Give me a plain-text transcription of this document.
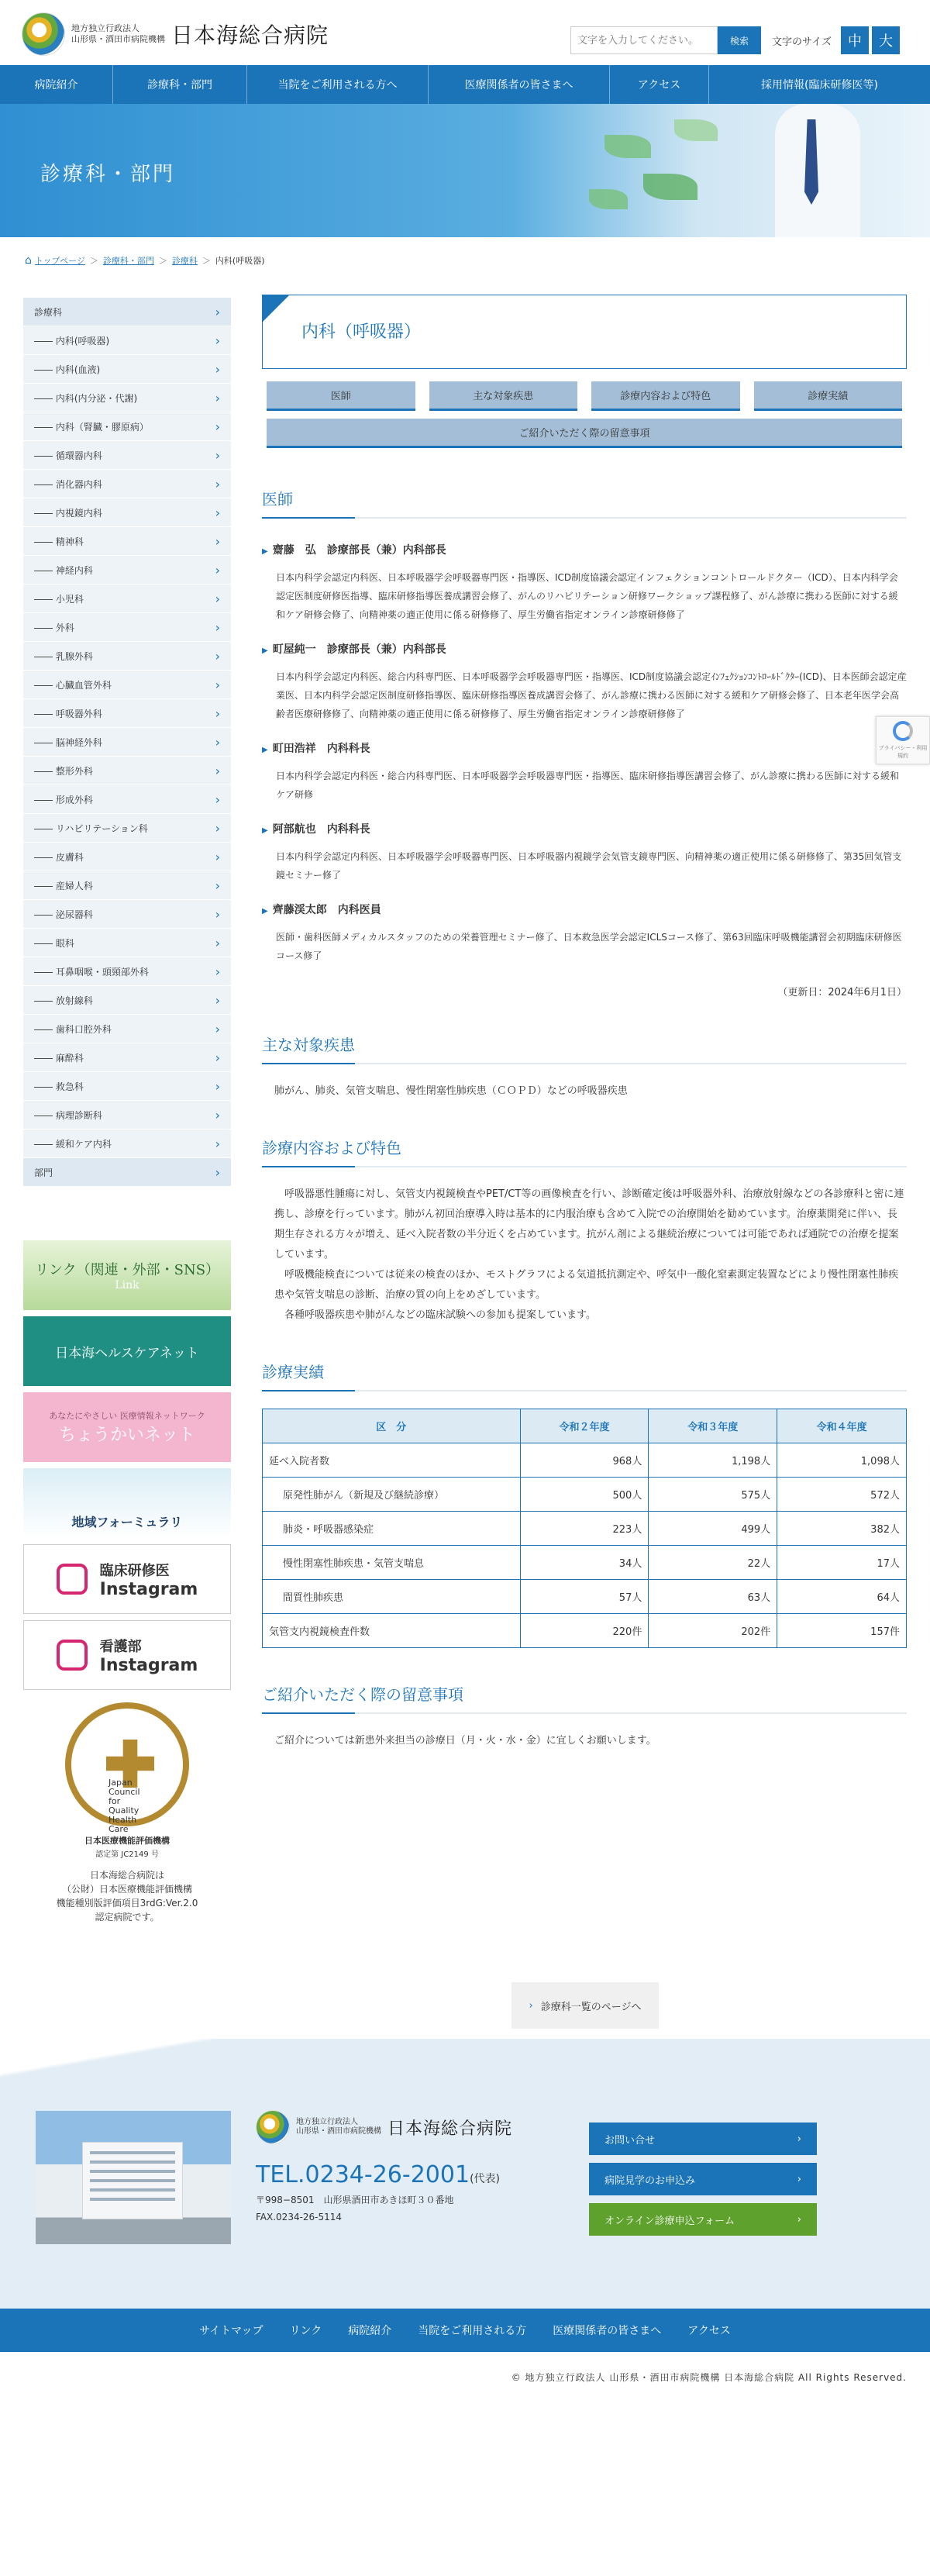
地方独立行政法人
山形県・酒田市病院機構 日本海総合病院
文字を入力してください。	検索	文字のサイズ	中	大
病院紹介	診療科・部門	当院をご利用される方へ	医療関係者の皆さまへ	アクセス	採用情報(臨床研修医等)
診療科・部門
⌂ トップページ ＞ 診療科・部門 ＞ 診療科 ＞ 内科(呼吸器)
診療科	›
―― 内科(呼吸器)	›
―― 内科(血液)	›
―― 内科(内分泌・代謝)	›
―― 内科（腎臓・膠原病）	›
―― 循環器内科	›
―― 消化器内科	›
―― 内視鏡内科	›
―― 精神科	›
―― 神経内科	›
―― 小児科	›
―― 外科	›
―― 乳腺外科	›
―― 心臓血管外科	›
―― 呼吸器外科	›
―― 脳神経外科	›
―― 整形外科	›
―― 形成外科	›
―― リハビリテーション科	›
―― 皮膚科	›
―― 産婦人科	›
―― 泌尿器科	›
―― 眼科	›
―― 耳鼻咽喉・頭頸部外科	›
―― 放射線科	›
―― 歯科口腔外科	›
―― 麻酔科	›
―― 救急科	›
―― 病理診断科	›
―― 緩和ケア内科	›
部門	›
リンク（関連・外部・SNS）
Link
日本海ヘルスケアネット
あなたにやさしい 医療情報ネットワーク
ちょうかいネット
地域フォーミュラリ
臨床研修医
Instagram
看護部
Instagram
Japan
Council
for
Quality
Health
Care
日本医療機能評価機構
認定第 JC2149 号
日本海総合病院は
（公財）日本医療機能評価機構
機能種別版評価項目3rdG:Ver.2.0
認定病院です。
内科（呼吸器）
医師	主な対象疾患	診療内容および特色	診療実績
ご紹介いただく際の留意事項
医師
▶ 齋藤　弘　診療部長（兼）内科部長

日本内科学会認定内科医、日本呼吸器学会呼吸器専門医・指導医、ICD制度協議会認定インフェクションコントロールドクター（ICD）、日本内科学会認定医制度研修医指導、臨床研修指導医養成講習会修了、がんのリハビリテーション研修ワークショップ課程修了、がん診療に携わる医師に対する緩和ケア研修会修了、向精神薬の適正使用に係る研修修了、厚生労働省指定オンライン診療研修修了

▶ 町屋純一　診療部長（兼）内科部長

日本内科学会認定内科医、総合内科専門医、日本呼吸器学会呼吸器専門医・指導医、ICD制度協議会認定ｲﾝﾌｪｸｼｮﾝｺﾝﾄﾛｰﾙﾄﾞｸﾀｰ(ICD)、日本医師会認定産業医、日本内科学会認定医制度研修指導医、臨床研修指導医養成講習会修了、がん診療に携わる医師に対する緩和ケア研修会修了、日本老年医学会高齢者医療研修修了、向精神薬の適正使用に係る研修修了、厚生労働省指定オンライン診療研修修了

▶ 町田浩祥　内科科長

日本内科学会認定内科医・総合内科専門医、日本呼吸器学会呼吸器専門医・指導医、臨床研修指導医講習会修了、がん診療に携わる医師に対する緩和ケア研修

▶ 阿部航也　内科科長

日本内科学会認定内科医、日本呼吸器学会呼吸器専門医、日本呼吸器内視鏡学会気管支鏡専門医、向精神薬の適正使用に係る研修修了、第35回気管支鏡セミナー修了

▶ 齊藤渓太郎　内科医員

医師・歯科医師メディカルスタッフのための栄養管理セミナー修了、日本救急医学会認定ICLSコース修了、第63回臨床呼吸機能講習会初期臨床研修医コース修了

（更新日：2024年6月1日）
主な対象疾患

肺がん、肺炎、気管支喘息、慢性閉塞性肺疾患（ＣＯＰＤ）などの呼吸器疾患

診療内容および特色

呼吸器悪性腫瘍に対し、気管支内視鏡検査やPET/CT等の画像検査を行い、診断確定後は呼吸器外科、治療放射線などの各診療科と密に連携し、診療を行っています。肺がん初回治療導入時は基本的に内服治療も含めて入院での治療開始を勧めています。治療薬開発に伴い、長期生存される方々が増え、延べ入院者数の半分近くを占めています。抗がん剤による継続治療については可能であれば通院での治療を提案しています。

呼吸機能検査については従来の検査のほか、モストグラフによる気道抵抗測定や、呼気中一酸化窒素測定装置などにより慢性閉塞性肺疾患や気管支喘息の診断、治療の質の向上をめざしています。

各種呼吸器疾患や肺がんなどの臨床試験への参加も提案しています。

診療実績
区　分	令和２年度	令和３年度	令和４年度
延べ入院者数	968人	1,198人	1,098人
原発性肺がん（新規及び継続診療）	500人	575人	572人
肺炎・呼吸器感染症	223人	499人	382人
慢性閉塞性肺疾患・気管支喘息	34人	22人	17人
間質性肺疾患	57人	63人	64人
気管支内視鏡検査件数	220件	202件	157件
ご紹介いただく際の留意事項

ご紹介については新患外来担当の診療日（月・火・水・金）に宜しくお願いします。

› 診療科一覧のページへ
地方独立行政法人
山形県・酒田市病院機構 日本海総合病院
TEL.0234-26-2001(代表)
〒998−8501　山形県酒田市あきほ町３０番地
FAX.0234-26-5114
お問い合せ	›
病院見学のお申込み	›
オンライン診療申込フォーム	›
サイトマップ リンク 病院紹介 当院をご利用される方 医療関係者の皆さまへ アクセス
© 地方独立行政法人 山形県・酒田市病院機構 日本海総合病院 All Rights Reserved.
プライバシー・利用規約
